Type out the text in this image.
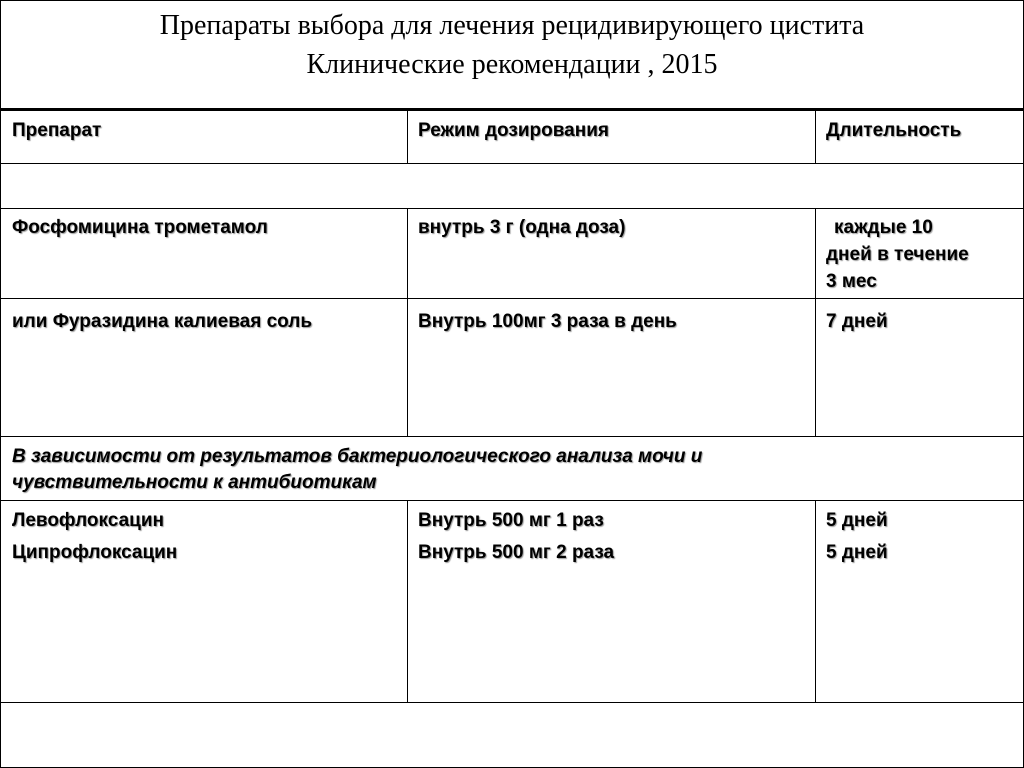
Препараты выбора для лечения рецидивирующего цистита
Клинические рекомендации , 2015
Препарат	Режим дозирования	Длительность
Фосфомицина трометамол	внутрь 3 г (одна доза)	каждые 10
дней в течение
3 мес
или Фуразидина калиевая соль	Внутрь 100мг 3 раза в день	7 дней
В зависимости от результатов бактериологического анализа мочи и
чувствительности к антибиотикам
Левофлоксацин	Внутрь 500 мг 1 раз	5 дней
Ципрофлоксацин	Внутрь 500 мг 2 раза	5 дней
